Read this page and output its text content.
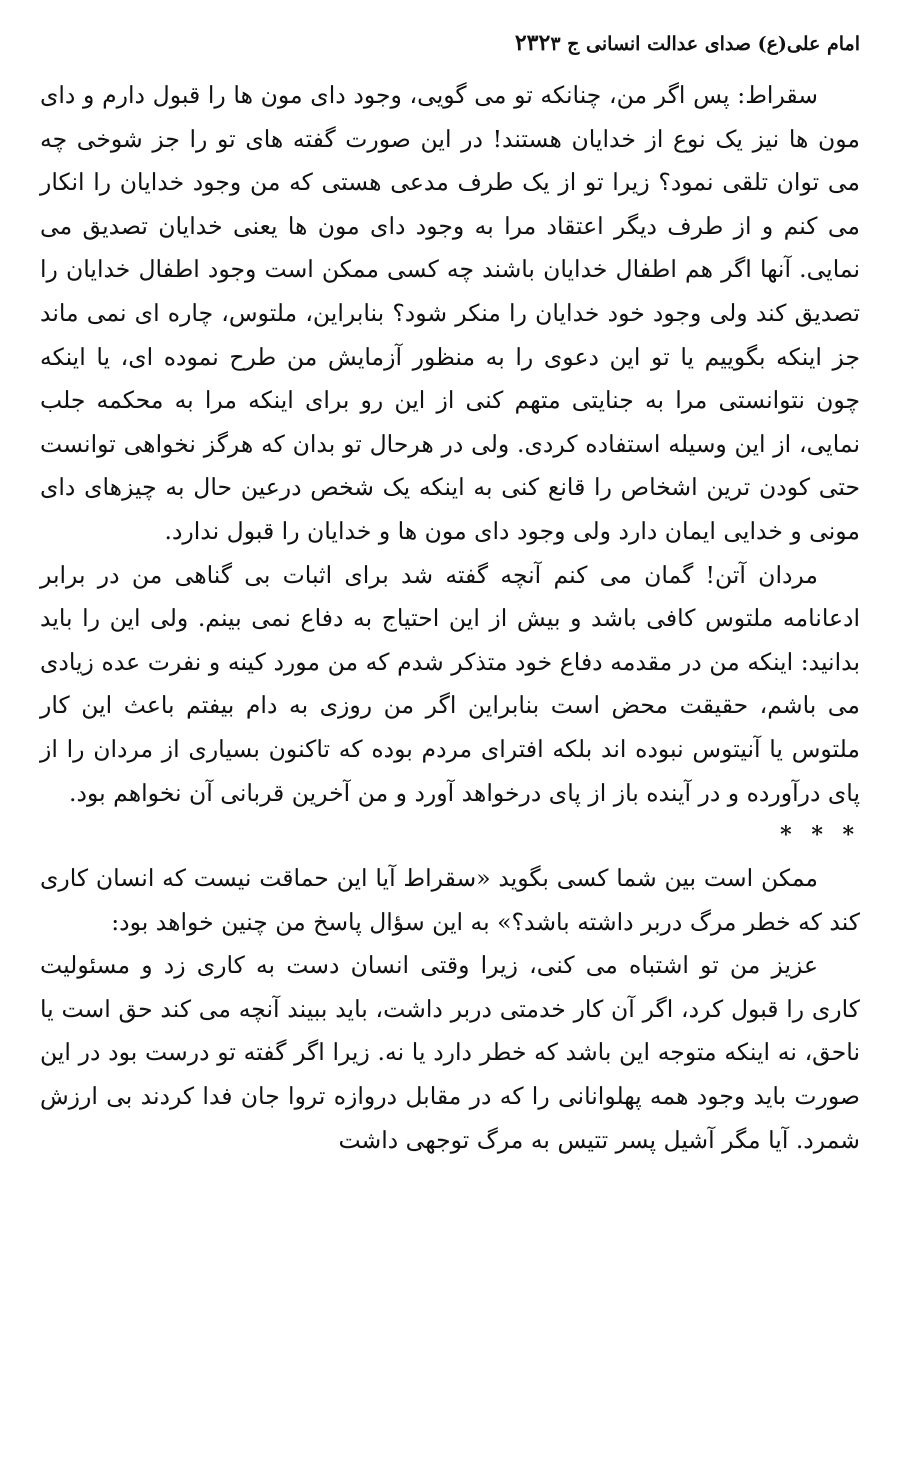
امام علی(ع) صدای عدالت انسانی ج ۳
۲۳۲

سقراط: پس اگر من، چنانکه تو می گویی، وجود دای مون ها را قبول دارم و دای مون ها نیز یک نوع از خدایان هستند! در این صورت گفته های تو را جز شوخی چه می توان تلقی نمود؟ زیرا تو از یک طرف مدعی هستی که من وجود خدایان را انکار می کنم و از طرف دیگر اعتقاد مرا به وجود دای مون ها یعنی خدایان تصدیق می نمایی. آنها اگر هم اطفال خدایان باشند چه کسی ممکن است وجود اطفال خدایان را تصدیق کند ولی وجود خود خدایان را منکر شود؟ بنابراین، ملتوس، چاره ای نمی ماند جز اینکه بگوییم یا تو این دعوی را به منظور آزمایش من طرح نموده ای، یا اینکه چون نتوانستی مرا به جنایتی متهم کنی از این رو برای اینکه مرا به محکمه جلب نمایی، از این وسیله استفاده کردی. ولی در هرحال تو بدان که هرگز نخواهی توانست حتی کودن ترین اشخاص را قانع کنی به اینکه یک شخص درعین حال به چیزهای دای مونی و خدایی ایمان دارد ولی وجود دای مون ها و خدایان را قبول ندارد.

مردان آتن! گمان می کنم آنچه گفته شد برای اثبات بی گناهی من در برابر ادعانامه ملتوس کافی باشد و بیش از این احتیاج به دفاع نمی بینم. ولی این را باید بدانید: اینکه من در مقدمه دفاع خود متذکر شدم که من مورد کینه و نفرت عده زیادی می باشم، حقیقت محض است بنابراین اگر من روزی به دام بیفتم باعث این کار ملتوس یا آنیتوس نبوده اند بلکه افترای مردم بوده که تاکنون بسیاری از مردان را از پای درآورده و در آینده باز از پای درخواهد آورد و من آخرین قربانی آن نخواهم بود.

* * *

ممکن است بین شما کسی بگوید «سقراط آیا این حماقت نیست که انسان کاری کند که خطر مرگ دربر داشته باشد؟» به این سؤال پاسخ من چنین خواهد بود:

عزیز من تو اشتباه می کنی، زیرا وقتی انسان دست به کاری زد و مسئولیت کاری را قبول کرد، اگر آن کار خدمتی دربر داشت، باید ببیند آنچه می کند حق است یا ناحق، نه اینکه متوجه این باشد که خطر دارد یا نه. زیرا اگر گفته تو درست بود در این صورت باید وجود همه پهلوانانی را که در مقابل دروازه تروا جان فدا کردند بی ارزش شمرد. آیا مگر آشیل پسر تتیس به مرگ توجهی داشت
